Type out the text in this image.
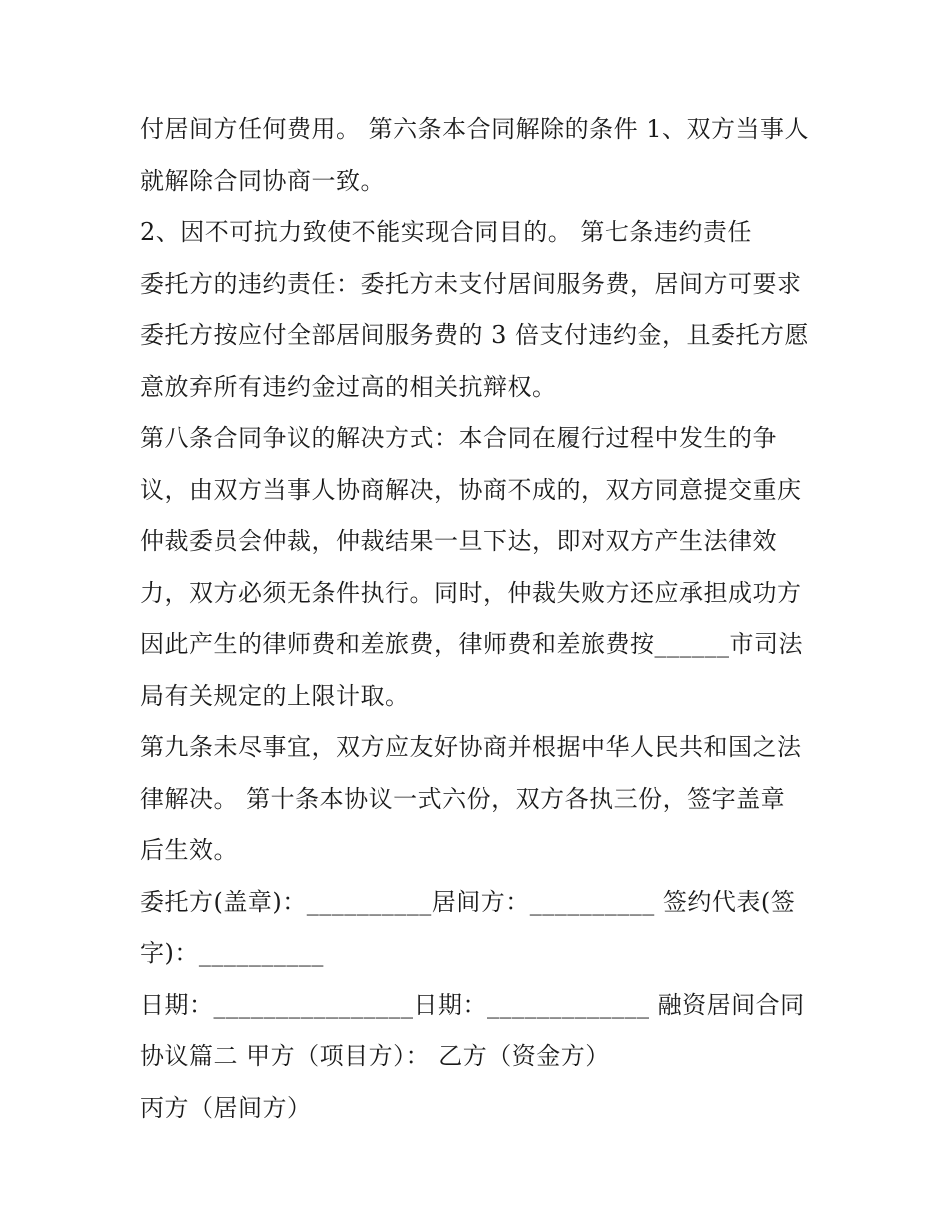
付居间方任何费用。 第六条本合同解除的条件 1、双方当事人
就解除合同协商一致。
2、因不可抗力致使不能实现合同目的。 第七条违约责任
委托方的违约责任：委托方未支付居间服务费，居间方可要求
委托方按应付全部居间服务费的 3 倍支付违约金，且委托方愿
意放弃所有违约金过高的相关抗辩权。
第八条合同争议的解决方式：本合同在履行过程中发生的争
议，由双方当事人协商解决，协商不成的，双方同意提交重庆
仲裁委员会仲裁，仲裁结果一旦下达，即对双方产生法律效
力，双方必须无条件执行。同时，仲裁失败方还应承担成功方
因此产生的律师费和差旅费，律师费和差旅费按______市司法
局有关规定的上限计取。
第九条未尽事宜，双方应友好协商并根据中华人民共和国之法
律解决。 第十条本协议一式六份，双方各执三份，签字盖章
后生效。
委托方(盖章)：__________居间方：__________ 签约代表(签
字)：__________
日期：________________日期：_____________ 融资居间合同
协议篇二 甲方（项目方）： 乙方（资金方）
丙方（居间方）
